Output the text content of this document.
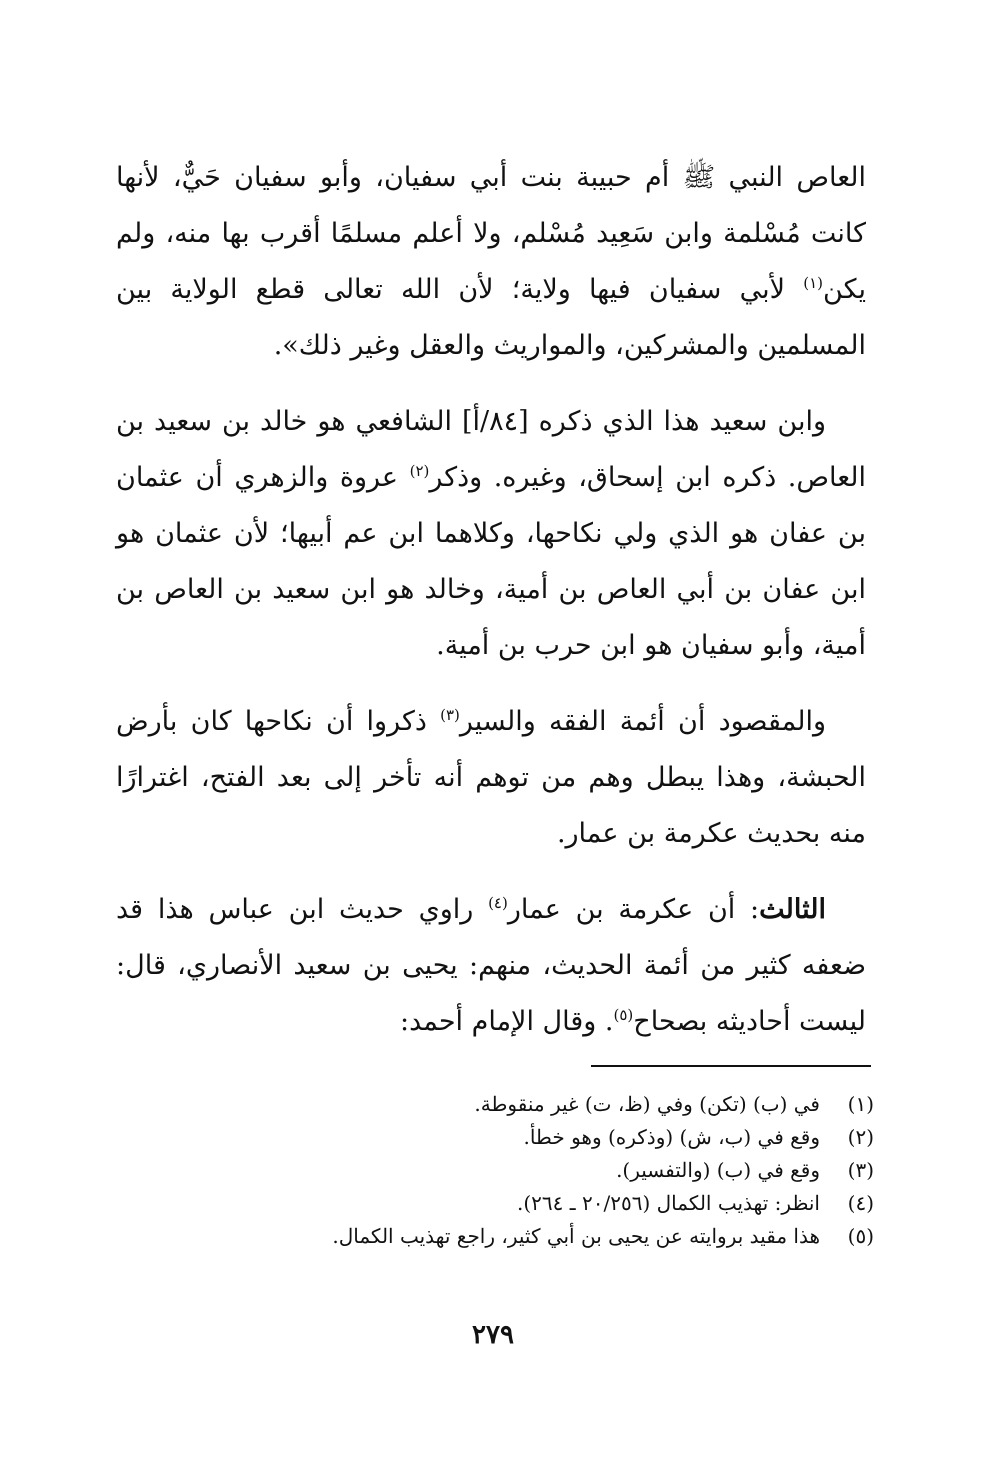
العاص النبي ﷺ أم حبيبة بنت أبي سفيان، وأبو سفيان حَيٌّ، لأنها كانت مُسْلمة وابن سَعِيد مُسْلم، ولا أعلم مسلمًا أقرب بها منه، ولم يكن$^{(١)}$ لأبي سفيان فيها ولاية؛ لأن الله تعالى قطع الولاية بين المسلمين والمشركين، والمواريث والعقل وغير ذلك».

وابن سعيد هذا الذي ذكره [٨٤/أ] الشافعي هو خالد بن سعيد بن العاص. ذكره ابن إسحاق، وغيره. وذكر$^{(٢)}$ عروة والزهري أن عثمان بن عفان هو الذي ولي نكاحها، وكلاهما ابن عم أبيها؛ لأن عثمان هو ابن عفان بن أبي العاص بن أمية، وخالد هو ابن سعيد بن العاص بن أمية، وأبو سفيان هو ابن حرب بن أمية.

والمقصود أن أئمة الفقه والسير$^{(٣)}$ ذكروا أن نكاحها كان بأرض الحبشة، وهذا يبطل وهم من توهم أنه تأخر إلى بعد الفتح، اغترارًا منه بحديث عكرمة بن عمار.

الثالث: أن عكرمة بن عمار$^{(٤)}$ راوي حديث ابن عباس هذا قد ضعفه كثير من أئمة الحديث، منهم: يحيى بن سعيد الأنصاري، قال: ليست أحاديثه بصحاح$^{(٥)}$. وقال الإمام أحمد:

(١)
في (ب) (تكن) وفي (ظ، ت) غير منقوطة.
(٢)
وقع في (ب، ش) (وذكره) وهو خطأ.
(٣)
وقع في (ب) (والتفسير).
(٤)
انظر: تهذيب الكمال (٢٠/٢٥٦ ـ ٢٦٤).
(٥)
هذا مقيد بروايته عن يحيى بن أبي كثير، راجع تهذيب الكمال.
٢٧٩
